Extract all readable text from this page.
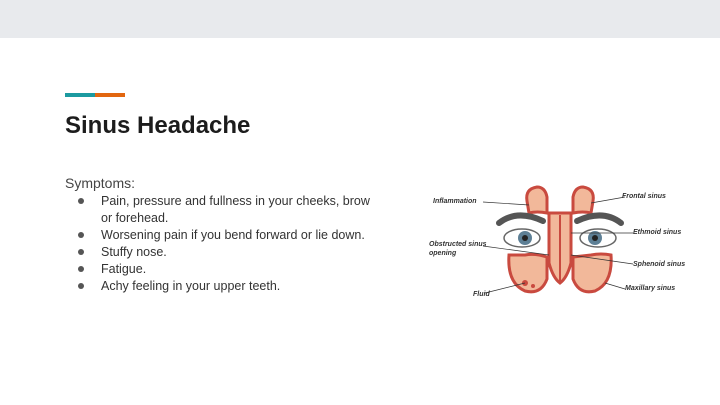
Sinus Headache
Symptoms:
Pain, pressure and fullness in your cheeks, brow or forehead.
Worsening pain if you bend forward or lie down.
Stuffy nose.
Fatigue.
Achy feeling in your upper teeth.
Inflammation
Obstructed sinus
opening
Fluid
Frontal sinus
Ethmoid sinus
Sphenoid sinus
Maxillary sinus
